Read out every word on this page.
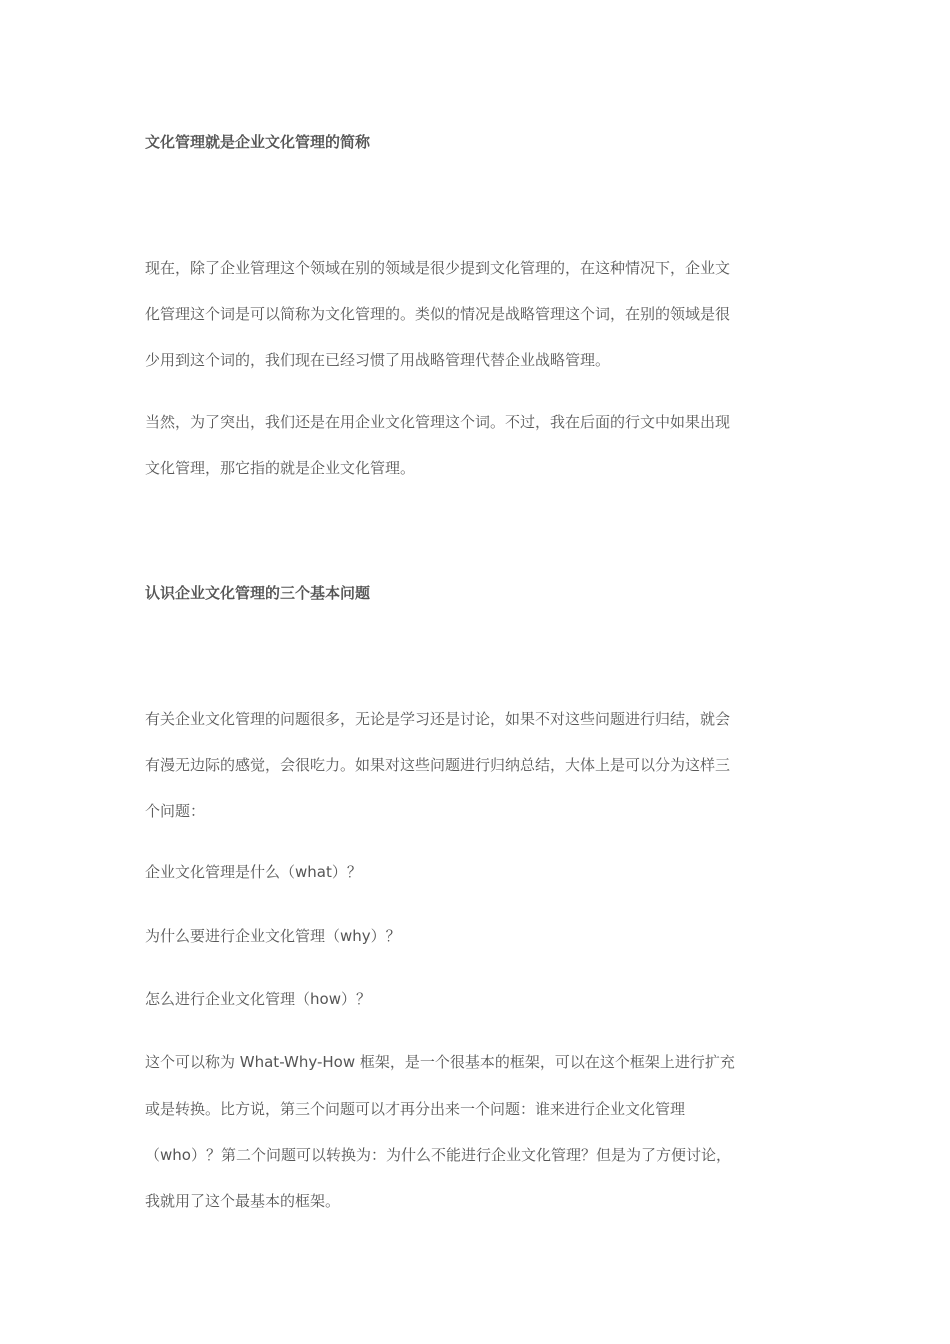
文化管理就是企业文化管理的简称
现在，除了企业管理这个领域在别的领域是很少提到文化管理的，在这种情况下，企业文
化管理这个词是可以简称为文化管理的。类似的情况是战略管理这个词，在别的领域是很
少用到这个词的，我们现在已经习惯了用战略管理代替企业战略管理。
当然，为了突出，我们还是在用企业文化管理这个词。不过，我在后面的行文中如果出现
文化管理，那它指的就是企业文化管理。
认识企业文化管理的三个基本问题
有关企业文化管理的问题很多，无论是学习还是讨论，如果不对这些问题进行归结，就会
有漫无边际的感觉，会很吃力。如果对这些问题进行归纳总结，大体上是可以分为这样三
个问题：
企业文化管理是什么（what）？
为什么要进行企业文化管理（why）？
怎么进行企业文化管理（how）？
这个可以称为 What-Why-How 框架，是一个很基本的框架，可以在这个框架上进行扩充
或是转换。比方说，第三个问题可以才再分出来一个问题：谁来进行企业文化管理
（who）？第二个问题可以转换为：为什么不能进行企业文化管理？但是为了方便讨论，
我就用了这个最基本的框架。
